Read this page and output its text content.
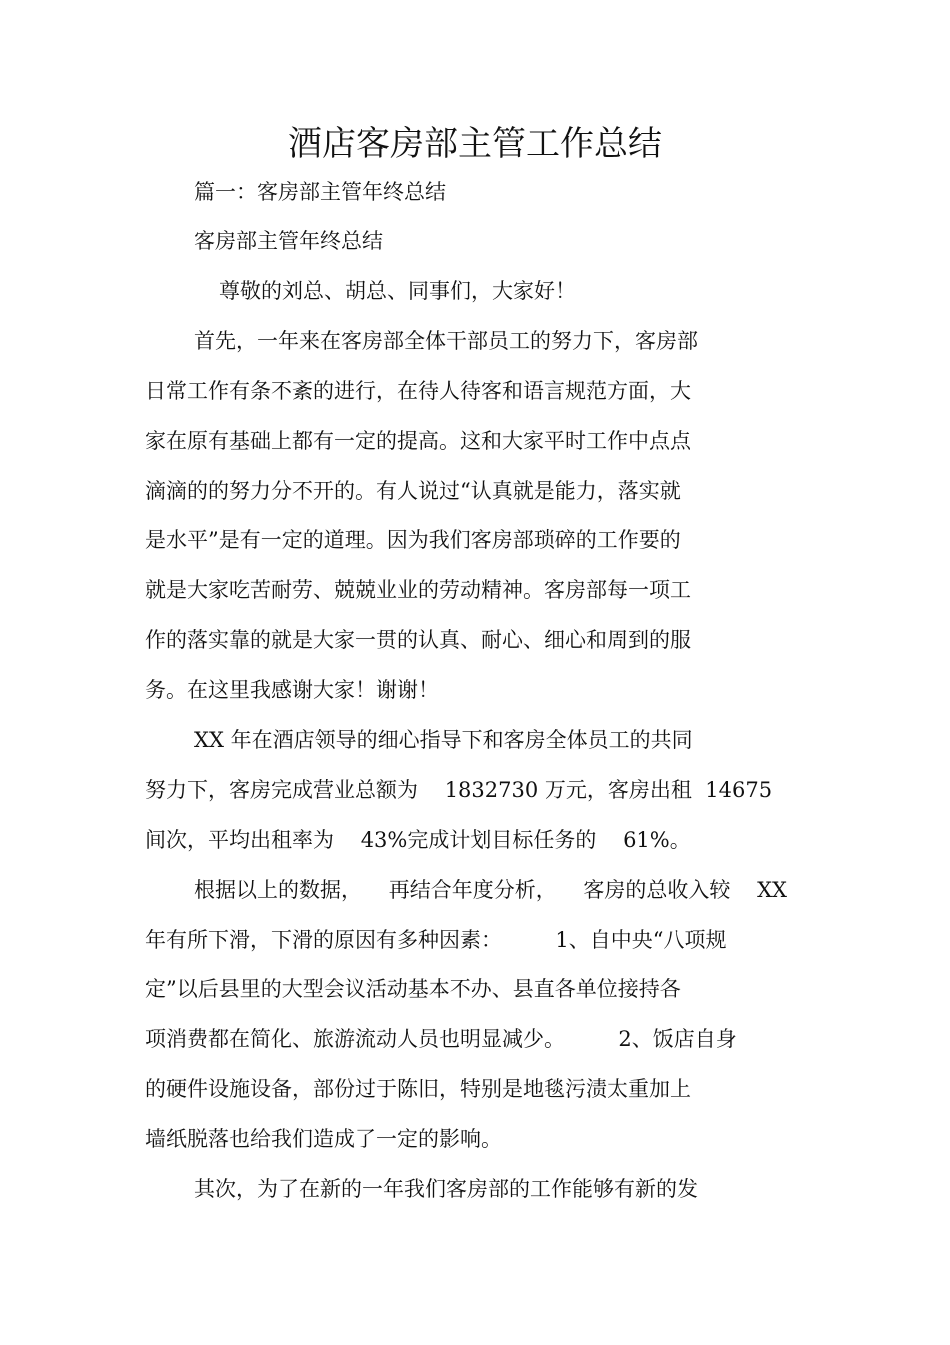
酒店客房部主管工作总结
篇一：客房部主管年终总结
客房部主管年终总结
尊敬的刘总、胡总、同事们，大家好！
首先，一年来在客房部全体干部员工的努力下，客房部
日常工作有条不紊的进行，在待人待客和语言规范方面，大
家在原有基础上都有一定的提高。这和大家平时工作中点点
滴滴的的努力分不开的。有人说过“认真就是能力，落实就
是水平”是有一定的道理。因为我们客房部琐碎的工作要的
就是大家吃苦耐劳、兢兢业业的劳动精神。客房部每一项工
作的落实靠的就是大家一贯的认真、耐心、细心和周到的服
务。在这里我感谢大家！谢谢！
XX 年在酒店领导的细心指导下和客房全体员工的共同
努力下，客房完成营业总额为    1832730 万元，客房出租  14675
间次，平均出租率为    43%完成计划目标任务的    61%。
根据以上的数据，    再结合年度分析，    客房的总收入较    XX
年有所下滑，下滑的原因有多种因素：        1、自中央“八项规
定”以后县里的大型会议活动基本不办、县直各单位接持各
项消费都在简化、旅游流动人员也明显减少。        2、饭店自身
的硬件设施设备，部份过于陈旧，特别是地毯污渍太重加上
墙纸脱落也给我们造成了一定的影响。
其次，为了在新的一年我们客房部的工作能够有新的发
